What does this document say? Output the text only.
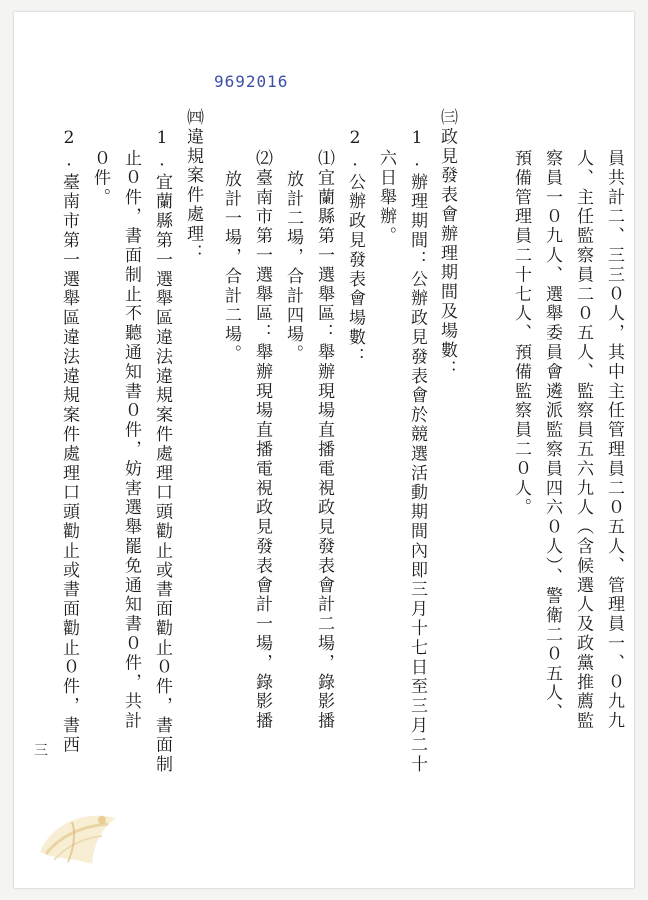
9692016
員共計二、三三０人，其中主任管理員二０五人、管理員一、０九九
人、主任監察員二０五人、監察員五六九人（含候選人及政黨推薦監
察員一０九人、選舉委員會遴派監察員四六０人）、警衛二０五人、
預備管理員二十七人、預備監察員二０人。
㈢政見發表會辦理期間及場數：
1.辦理期間：公辦政見發表會於競選活動期間內即三月十七日至三月二十
六日舉辦。
2.公辦政見發表會場數：
⑴宜蘭縣第一選舉區：舉辦現場直播電視政見發表會計二場，錄影播
放計二場，合計四場。
⑵臺南市第一選舉區：舉辦現場直播電視政見發表會計一場，錄影播
放計一場，合計二場。
㈣違規案件處理：
1.宜蘭縣第一選舉區違法違規案件處理口頭勸止或書面勸止０件，書面制
止０件，書面制止不聽通知書０件，妨害選舉罷免通知書０件，共計
０件。
2.臺南市第一選舉區違法違規案件處理口頭勸止或書面勸止０件，書西
三
